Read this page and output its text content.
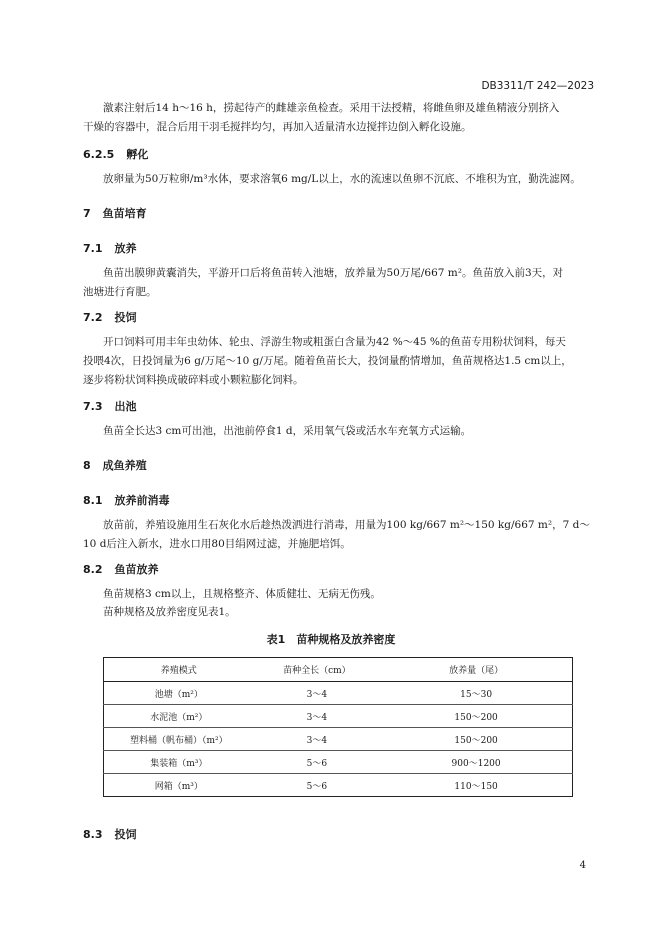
DB3311/T 242—2023
激素注射后14 h～16 h，捞起待产的雌雄亲鱼检查。采用干法授精，将雌鱼卵及雄鱼精液分别挤入
干燥的容器中，混合后用干羽毛搅拌均匀，再加入适量清水边搅拌边倒入孵化设施。
6.2.5 孵化
放卵量为50万粒卵/m³水体，要求溶氧6 mg/L以上，水的流速以鱼卵不沉底、不堆积为宜，勤洗滤网。
7 鱼苗培育
7.1 放养
鱼苗出膜卵黄囊消失，平游开口后将鱼苗转入池塘，放养量为50万尾/667 m²。鱼苗放入前3天，对
池塘进行育肥。
7.2 投饲
开口饲料可用丰年虫幼体、轮虫、浮游生物或粗蛋白含量为42 %～45 %的鱼苗专用粉状饲料，每天
投喂4次，日投饲量为6 g/万尾～10 g/万尾。随着鱼苗长大，投饲量酌情增加，鱼苗规格达1.5 cm以上，
逐步将粉状饲料换成破碎料或小颗粒膨化饲料。
7.3 出池
鱼苗全长达3 cm可出池，出池前停食1 d，采用氧气袋或活水车充氧方式运输。
8 成鱼养殖
8.1 放养前消毒
放苗前，养殖设施用生石灰化水后趁热泼洒进行消毒，用量为100 kg/667 m²～150 kg/667 m²，7 d～
10 d后注入新水，进水口用80目绢网过滤，并施肥培饵。
8.2 鱼苗放养
鱼苗规格3 cm以上，且规格整齐、体质健壮、无病无伤残。
苗种规格及放养密度见表1。
表1　苗种规格及放养密度
养殖模式	苗种全长（cm）	放养量（尾）
池塘（m²）	3～4	15～30
水泥池（m²）	3～4	150～200
塑料桶（帆布桶）（m²）	3～4	150～200
集装箱（m³）	5～6	900～1200
网箱（m³）	5～6	110～150
8.3 投饲
4
